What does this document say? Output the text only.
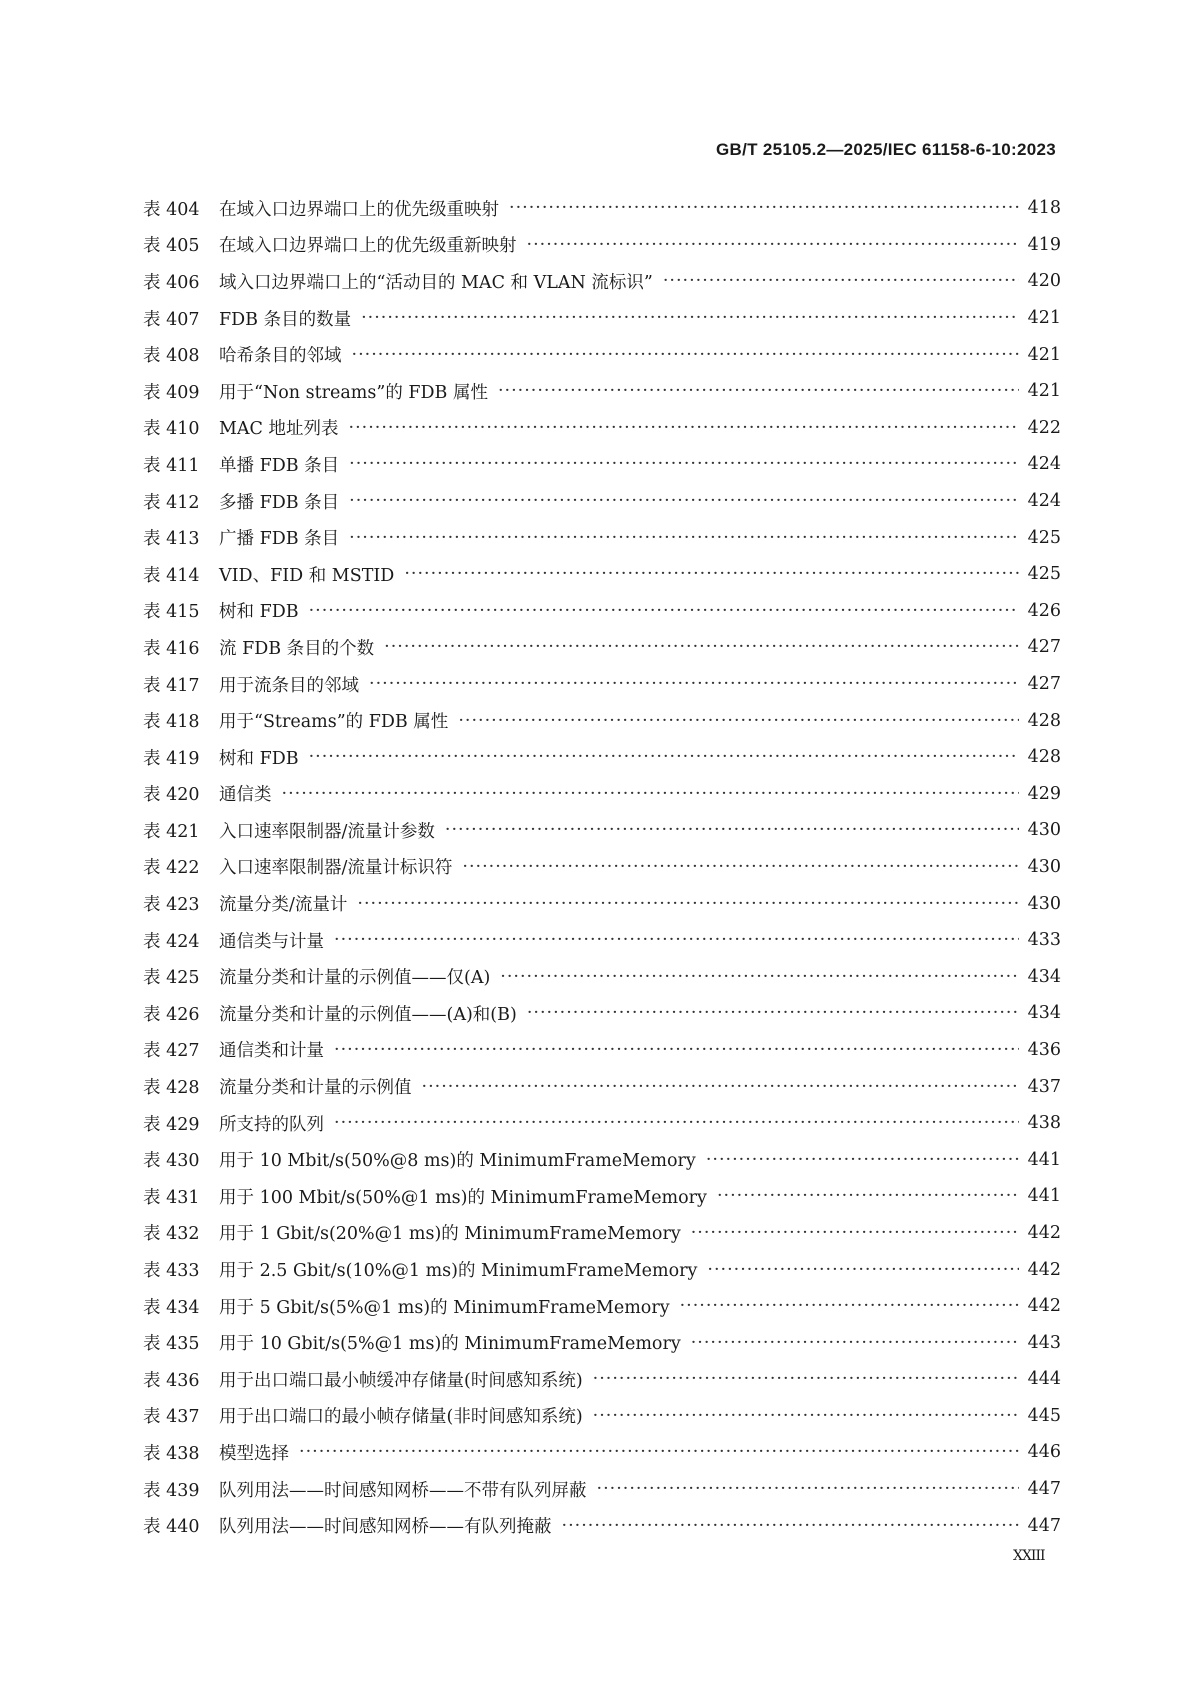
GB/T 25105.2—2025/IEC 61158-6-10:2023
表 404	在域入口边界端口上的优先级重映射 ·····	418
表 405	在域入口边界端口上的优先级重新映射 ·····	419
表 406	域入口边界端口上的“活动目的 MAC 和 VLAN 流标识” ·····	420
表 407	FDB 条目的数量 ·····	421
表 408	哈希条目的邻域 ·····	421
表 409	用于“Non streams”的 FDB 属性 ·····	421
表 410	MAC 地址列表 ·····	422
表 411	单播 FDB 条目 ·····	424
表 412	多播 FDB 条目 ·····	424
表 413	广播 FDB 条目 ·····	425
表 414	VID、FID 和 MSTID ·····	425
表 415	树和 FDB ·····	426
表 416	流 FDB 条目的个数 ·····	427
表 417	用于流条目的邻域 ·····	427
表 418	用于“Streams”的 FDB 属性 ·····	428
表 419	树和 FDB ·····	428
表 420	通信类 ·····	429
表 421	入口速率限制器/流量计参数 ·····	430
表 422	入口速率限制器/流量计标识符 ·····	430
表 423	流量分类/流量计 ·····	430
表 424	通信类与计量 ·····	433
表 425	流量分类和计量的示例值——仅(A) ·····	434
表 426	流量分类和计量的示例值——(A)和(B) ·····	434
表 427	通信类和计量 ·····	436
表 428	流量分类和计量的示例值 ·····	437
表 429	所支持的队列 ·····	438
表 430	用于 10 Mbit/s(50%@8 ms)的 MinimumFrameMemory ·····	441
表 431	用于 100 Mbit/s(50%@1 ms)的 MinimumFrameMemory ·····	441
表 432	用于 1 Gbit/s(20%@1 ms)的 MinimumFrameMemory ·····	442
表 433	用于 2.5 Gbit/s(10%@1 ms)的 MinimumFrameMemory ·····	442
表 434	用于 5 Gbit/s(5%@1 ms)的 MinimumFrameMemory ·····	442
表 435	用于 10 Gbit/s(5%@1 ms)的 MinimumFrameMemory ·····	443
表 436	用于出口端口最小帧缓冲存储量(时间感知系统) ·····	444
表 437	用于出口端口的最小帧存储量(非时间感知系统) ·····	445
表 438	模型选择 ·····	446
表 439	队列用法——时间感知网桥——不带有队列屏蔽 ·····	447
表 440	队列用法——时间感知网桥——有队列掩蔽 ·····	447
XXIII
